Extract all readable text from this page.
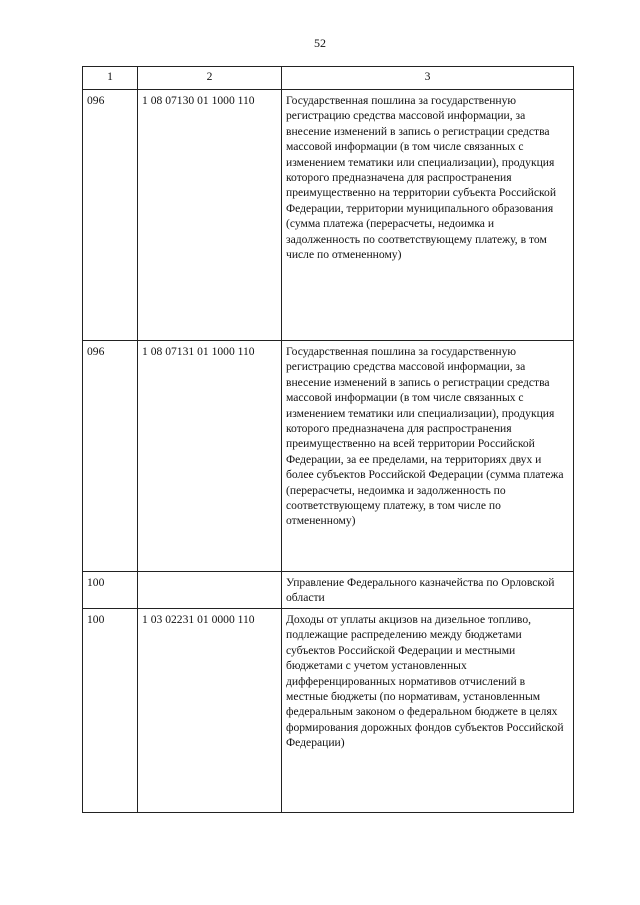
52
1	2	3
096	1 08 07130 01 1000 110	Государственная пошлина за государственную регистрацию средства массовой информации, за внесение изменений в запись о регистрации средства массовой информации (в том числе связанных с изменением тематики или специализации), продукция которого предназначена для распространения преимущественно на территории субъекта Российской Федерации, территории муниципального образования (сумма платежа (перерасчеты, недоимка и задолженность по соответствующему платежу, в том числе по отмененному)
096	1 08 07131 01 1000 110	Государственная пошлина за государственную регистрацию средства массовой информации, за внесение изменений в запись о регистрации средства массовой информации (в том числе связанных с изменением тематики или специализации), продукция которого предназначена для распространения преимущественно на всей территории Российской Федерации, за ее пределами, на территориях двух и более субъектов Российской Федерации (сумма платежа (перерасчеты, недоимка и задолженность по соответствующему платежу, в том числе по отмененному)
100		Управление Федерального казначейства по Орловской области
100	1 03 02231 01 0000 110	Доходы от уплаты акцизов на дизельное топливо, подлежащие распределению между бюджетами субъектов Российской Федерации и местными бюджетами с учетом установленных дифференцированных нормативов отчислений в местные бюджеты (по нормативам, установленным федеральным законом о федеральном бюджете в целях формирования дорожных фондов субъектов Российской Федерации)
